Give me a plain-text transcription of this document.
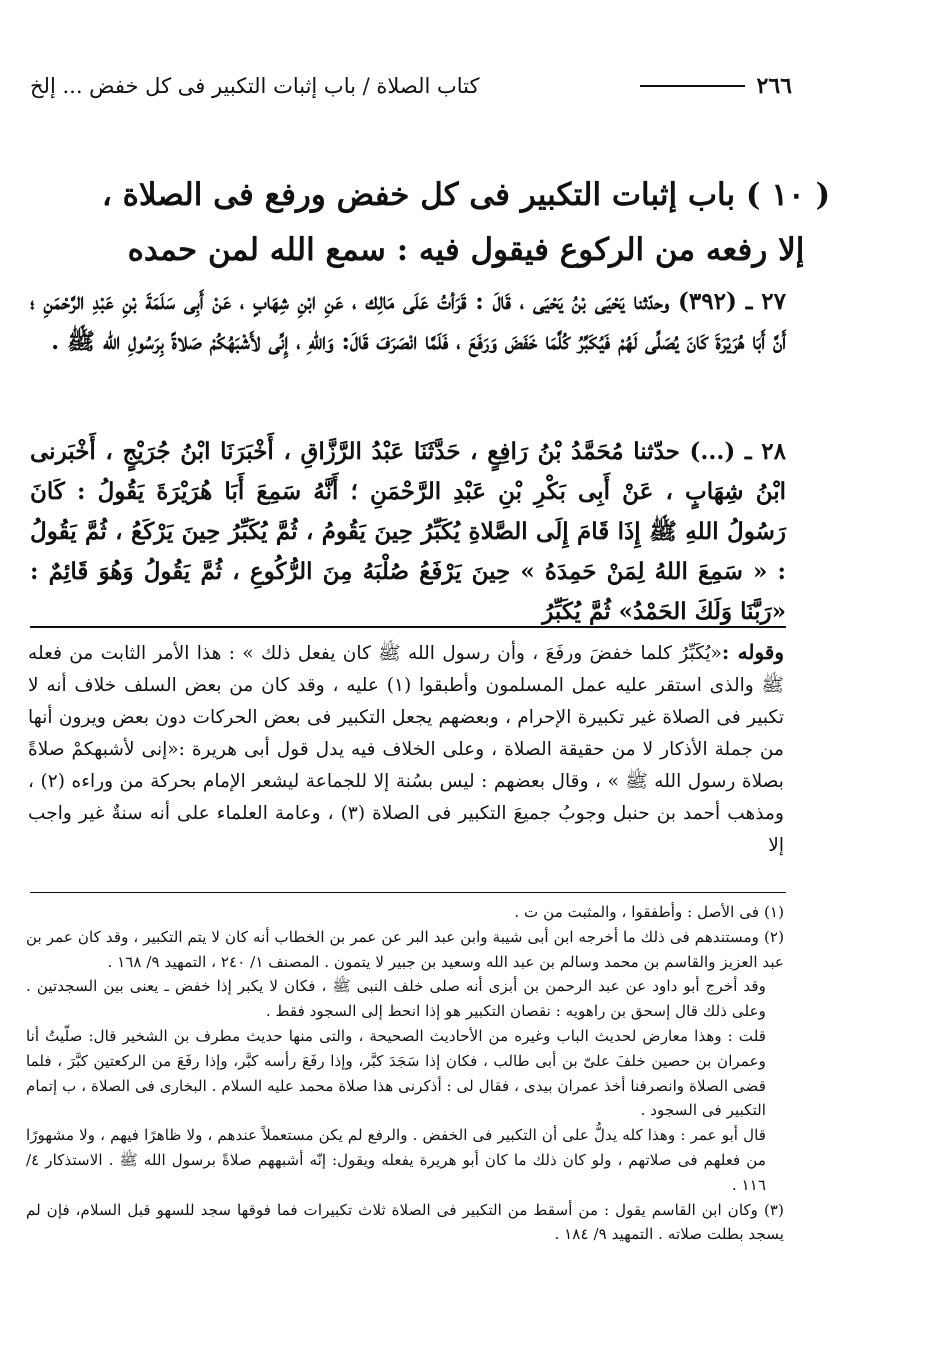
٢٦٦
كتاب الصلاة / باب إثبات التكبير فى كل خفض ... إلخ
( ١٠ ) باب إثبات التكبير فى كل خفض ورفع فى الصلاة ،
إلا رفعه من الركوع فيقول فيه : سمع الله لمن حمده

٢٧ ـ (٣٩٢) وحدّثنا يَحْيَى بْنُ يَحْيَى ، قَالَ : قَرَأتُ عَلَى مَالِك ، عَنِ ابْنِ شِهَابٍ ، عَنْ أَبِى سَلَمَةَ بْنِ عَبْدِ الرَّحْمَنِ ؛ أَنَّ أَبَا هُرَيْرَةَ كَانَ يُصَلِّى لَهُمْ فَيُكَبِّرُ كُلَّمَا خَفَضَ وَرَفَعَ ، فَلَمَّا انْصَرَفَ قَالَ: وَاللهِ ، إِنِّى لأَشْبَهُكُمْ صَلاةً بِرَسُولِ الله ﷺ .

٢٨ ـ (...) حدّثنا مُحَمَّدُ بْنُ رَافِعٍ ، حَدَّثَنَا عَبْدُ الرَّزَّاقِ ، أَخْبَرَنَا ابْنُ جُرَيْجٍ ، أَخْبَرنى ابْنُ شِهَابٍ ، عَنْ أَبِى بَكْرِ بْنِ عَبْدِ الرَّحْمَنِ ؛ أَنَّهُ سَمِعَ أَبَا هُرَيْرَةَ يَقُولُ : كَانَ رَسُولُ اللهِ ﷺ إِذَا قَامَ إِلَى الصَّلاةِ يُكَبِّرُ حِينَ يَقُومُ ، ثُمَّ يُكَبِّرُ حِينَ يَرْكَعُ ، ثُمَّ يَقُولُ : « سَمِعَ اللهُ لِمَنْ حَمِدَهُ » حِينَ يَرْفَعُ صُلْبَهُ مِنَ الرُّكُوعِ ، ثُمَّ يَقُولُ وَهُوَ قَائِمٌ : «رَبَّنَا وَلَكَ الحَمْدُ» ثُمَّ يُكَبِّرُ

وقوله :«يُكَبِّرُ كلما خفضَ ورفَعَ ، وأن رسول الله ﷺ كان يفعل ذلك » : هذا الأمر الثابت من فعله ﷺ والذى استقر عليه عمل المسلمون وأطبقوا (١) عليه ، وقد كان من بعض السلف خلاف أنه لا تكبير فى الصلاة غير تكبيرة الإحرام ، وبعضهم يجعل التكبير فى بعض الحركات دون بعض ويرون أنها من جملة الأذكار لا من حقيقة الصلاة ، وعلى الخلاف فيه يدل قول أبى هريرة :«إنى لأشبهكمْ صلاةً بصلاة رسول الله ﷺ » ، وقال بعضهم : ليس بسُنة إلا للجماعة ليشعر الإمام بحركة من وراءه (٢) ، ومذهب أحمد بن حنبل وجوبُ جميعَ التكبير فى الصلاة (٣) ، وعامة العلماء على أنه سنةٌ غير واجب إلا

(١) فى الأصل : وأطفقوا ، والمثبت من ت .

(٢) ومستندهم فى ذلك ما أخرجه ابن أبى شيبة وابن عبد البر عن عمر بن الخطاب أنه كان لا يتم التكبير ، وقد كان عمر بن عبد العزيز والقاسم بن محمد وسالم بن عبد الله وسعيد بن جبير لا يتمون . المصنف ١/ ٢٤٠ ، التمهيد ٩/ ١٦٨ .

وقد أخرج أبو داود عن عبد الرحمن بن أبزى أنه صلى خلف النبى ﷺ ، فكان لا يكبر إذا خفض ـ يعنى بين السجدتين . وعلى ذلك قال إسحق بن راهويه : نقصان التكبير هو إذا انحط إلى السجود فقط .

قلت : وهذا معارض لحديث الباب وغيره من الأحاديث الصحيحة ، والتى منها حديث مطرف بن الشخير قال: صلّيتُ أنا وعمران بن حصين خلفَ علىّ بن أبى طالب ، فكان إذا سَجَدَ كبَّر، وإذا رفَعَ رأسه كبَّر، وإذا رفَعَ من الركعتين كبَّرَ ، فلما قضى الصلاة وانصرفنا أخذ عمران بيدى ، فقال لى : أذكرنى هذا صلاة محمد عليه السلام . البخارى فى الصلاة ، ب إتمام التكبير فى السجود .

قال أبو عمر : وهذا كله يدلُّ على أن التكبير فى الخفض . والرفع لم يكن مستعملاً عندهم ، ولا ظاهرًا فيهم ، ولا مشهورًا من فعلهم فى صلاتهم ، ولو كان ذلك ما كان أبو هريرة يفعله ويقول: إنّه أشبههم صلاةً برسول الله ﷺ . الاستذكار ٤/ ١١٦ .

(٣) وكان ابن القاسم يقول : من أسقط من التكبير فى الصلاة ثلاث تكبيرات فما فوقها سجد للسهو قبل السلام، فإن لم يسجد بطلت صلاته . التمهيد ٩/ ١٨٤ .
